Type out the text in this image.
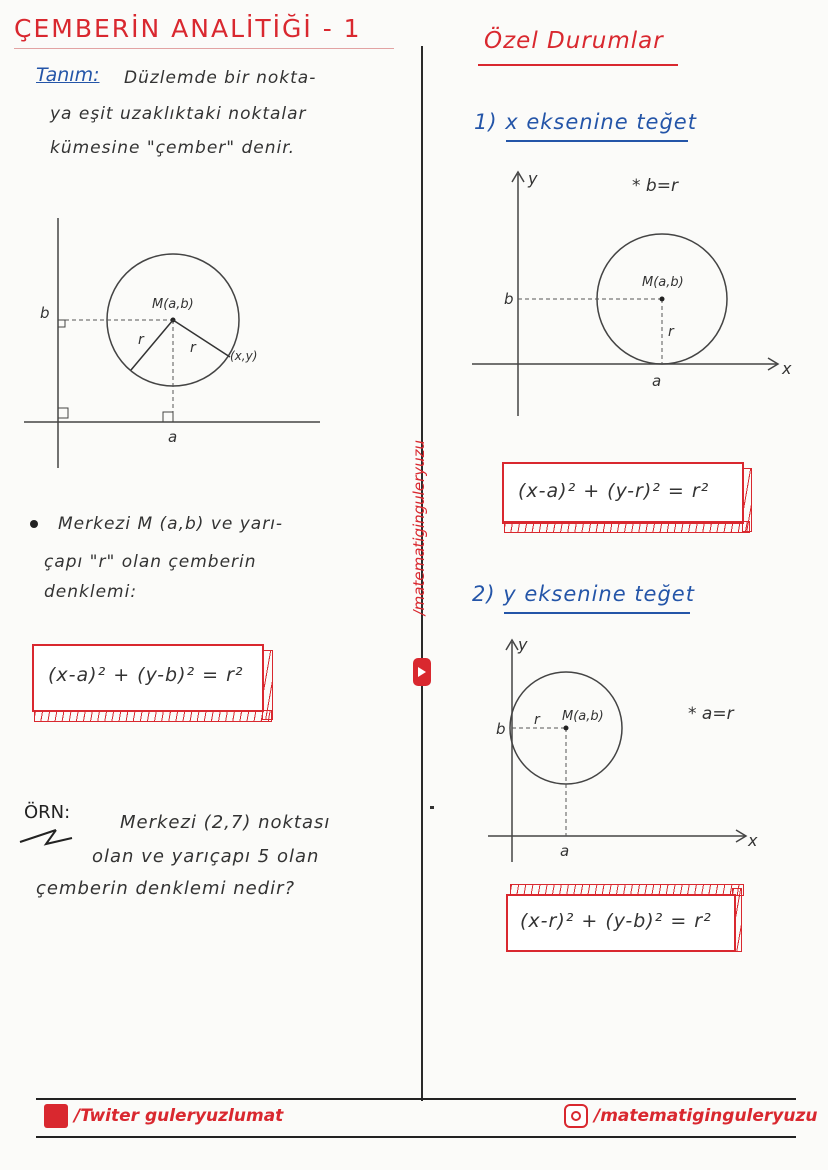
ÇEMBERİN ANALİTİĞİ - 1
/matematiginguleryuzu
Tanım: Düzlemde bir nokta-
ya eşit uzaklıktaki noktalar
kümesine "çember" denir.
b
a
M(a,b)
r	r	(x,y)
Merkezi M (a,b) ve yarı-
çapı "r" olan çemberin
denklemi:
(x-a)² + (y-b)² = r²
ÖRN:	Merkezi (2,7) noktası
olan ve yarıçapı 5 olan
çemberin denklemi nedir?
Özel Durumlar
1) x eksenine teğet
* b=r
y
x
b
a
M(a,b)
r
(x-a)² + (y-r)² = r²
2) y eksenine teğet
* a=r
y
x
b
a
M(a,b)
r
(x-r)² + (y-b)² = r²
/Twiter guleryuzlumat	/matematiginguleryuzu
